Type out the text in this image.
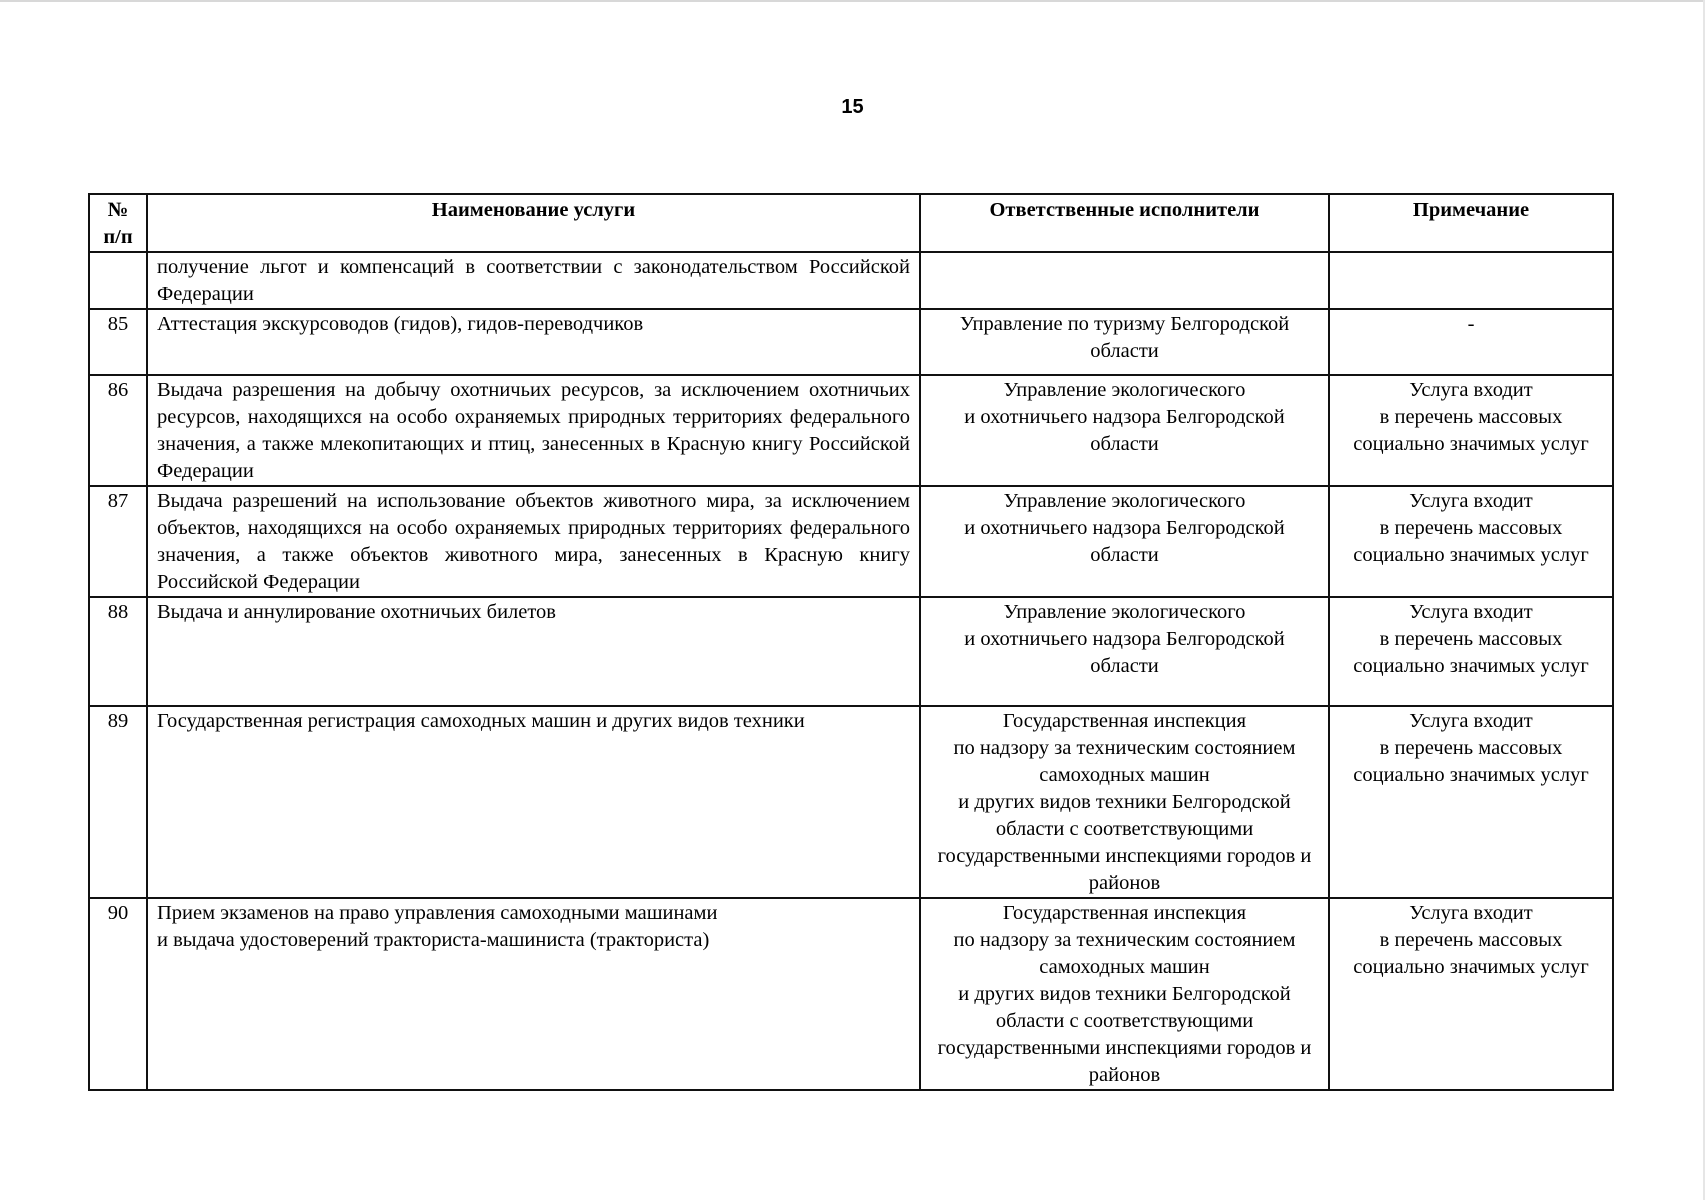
15
№
п/п	Наименование услуги	Ответственные исполнители	Примечание
	получение льгот и компенсаций в соответствии с законодательством Российской Федерации		
85	Аттестация экскурсоводов (гидов), гидов-переводчиков	Управление по туризму Белгородской области	-
86	Выдача разрешения на добычу охотничьих ресурсов, за исключением охотничьих ресурсов, находящихся на особо охраняемых природных территориях федерального значения, а также млекопитающих и птиц, занесенных в Красную книгу Российской Федерации	Управление экологического
и охотничьего надзора Белгородской области	Услуга входит
в перечень массовых социально значимых услуг
87	Выдача разрешений на использование объектов животного мира, за исключением объектов, находящихся на особо охраняемых природных территориях федерального значения, а также объектов животного мира, занесенных в Красную книгу Российской Федерации	Управление экологического
и охотничьего надзора Белгородской области	Услуга входит
в перечень массовых социально значимых услуг
88	Выдача и аннулирование охотничьих билетов	Управление экологического
и охотничьего надзора Белгородской области	Услуга входит
в перечень массовых социально значимых услуг
89	Государственная регистрация самоходных машин и других видов техники	Государственная инспекция
по надзору за техническим состоянием самоходных машин
и других видов техники Белгородской области с соответствующими государственными инспекциями городов и районов	Услуга входит
в перечень массовых социально значимых услуг
90	Прием экзаменов на право управления самоходными машинами
и выдача удостоверений тракториста-машиниста (тракториста)	Государственная инспекция
по надзору за техническим состоянием самоходных машин
и других видов техники Белгородской области с соответствующими государственными инспекциями городов и районов	Услуга входит
в перечень массовых социально значимых услуг
